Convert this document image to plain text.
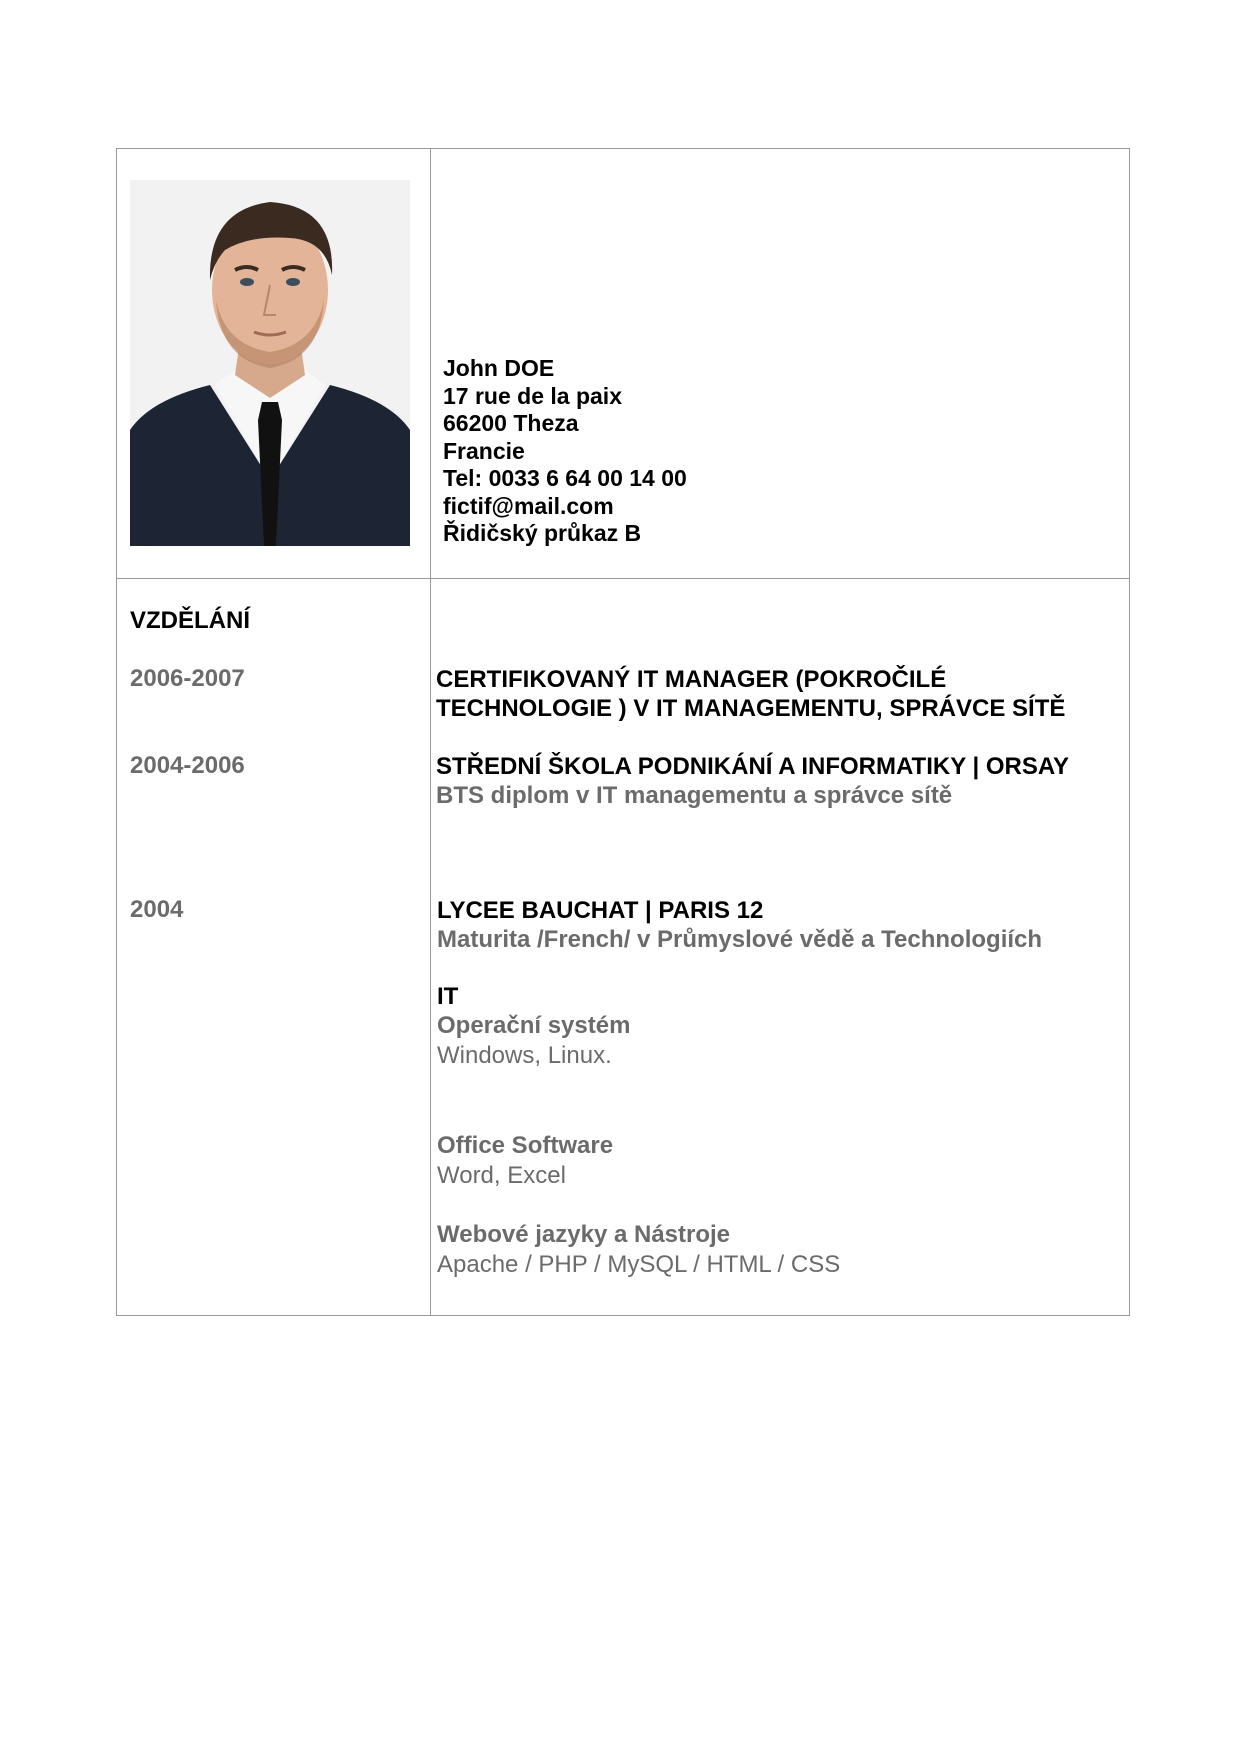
John DOE
17 rue de la paix
66200 Theza
Francie
Tel: 0033 6 64 00 14 00
fictif@mail.com
Řidičský průkaz B
VZDĚLÁNÍ
2006-2007	CERTIFIKOVANÝ IT MANAGER (POKROČILÉ
TECHNOLOGIE ) V IT MANAGEMENTU, SPRÁVCE SÍTĚ
2004-2006	STŘEDNÍ ŠKOLA PODNIKÁNÍ A INFORMATIKY | ORSAY
BTS diplom v IT managementu a správce sítě
2004	LYCEE BAUCHAT | PARIS 12
Maturita /French/ v Průmyslové vědě a Technologiích
IT
Operační systém
Windows, Linux.
Office Software
Word, Excel
Webové jazyky a Nástroje
Apache / PHP / MySQL / HTML / CSS
